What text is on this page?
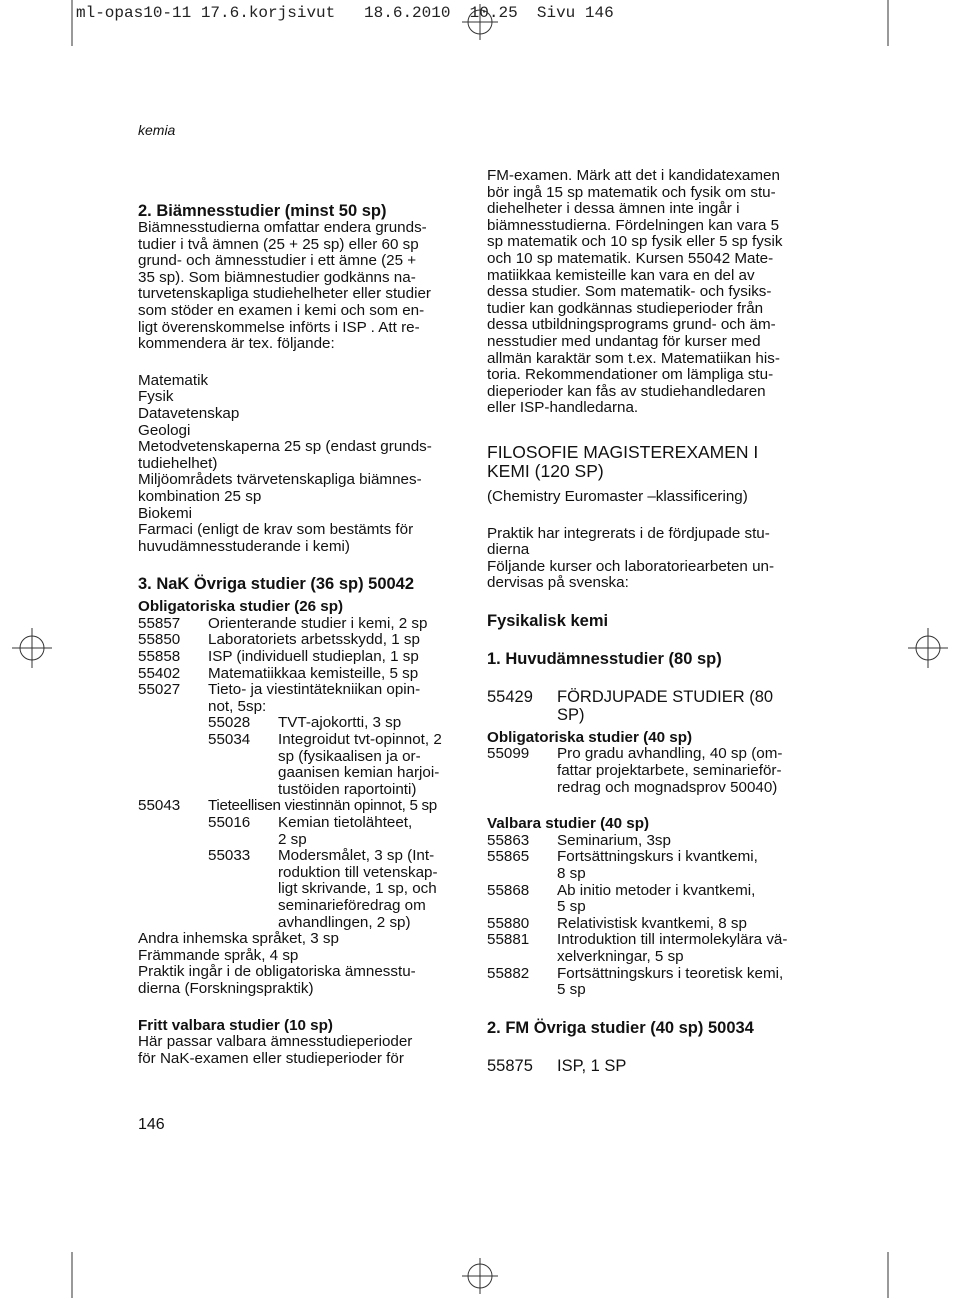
ml-opas10-11 17.6.korjsivut   18.6.2010  10.25  Sivu 146
kemia

2. Biämnesstudier (minst 50 sp)

Biämnesstudierna omfattar endera grunds-
tudier i två ämnen (25 + 25 sp) eller 60 sp
grund- och ämnesstudier i ett ämne (25 +
35 sp). Som biämnestudier godkänns na-
turvetenskapliga studiehelheter eller studier
som stöder en examen i kemi och som en-
ligt överenskommelse införts i ISP . Att re-
kommendera är tex. följande:
Matematik
Fysik
Datavetenskap
Geologi
Metodvetenskaperna 25 sp (endast grunds-
tudiehelhet)
Miljöområdets tvärvetenskapliga biämnes-
kombination 25 sp
Biokemi
Farmaci (enligt de krav som bestämts för
huvudämnesstuderande i kemi)

3. NaK Övriga studier (36 sp) 50042

Obligatoriska studier (26 sp)

55857	Orienterande studier i kemi, 2 sp
55850	Laboratoriets arbetsskydd, 1 sp
55858	ISP (individuell studieplan, 1 sp
55402	Matematiikkaa kemisteille, 5 sp
55027	Tieto- ja viestintätekniikan opin-
not, 5sp:
55028	TVT-ajokortti, 3 sp
55034	Integroidut tvt-opinnot, 2
sp (fysikaalisen ja or-
gaanisen kemian harjoi-
tustöiden raportointi)
55043	Tieteellisen viestinnän opinnot, 5 sp
55016	Kemian tietolähteet,
2 sp
55033	Modersmålet, 3 sp (Int-
roduktion till vetenskap-
ligt skrivande, 1 sp, och
seminarieföredrag om
avhandlingen, 2 sp)
Andra inhemska språket, 3 sp
Främmande språk, 4 sp
Praktik ingår i de obligatoriska ämnesstu-
dierna (Forskningspraktik)

Fritt valbara studier (10 sp)

Här passar valbara ämnesstudieperioder
för NaK-examen eller studieperioder för
FM-examen. Märk att det i kandidatexamen
bör ingå 15 sp matematik och fysik om stu-
diehelheter i dessa ämnen inte ingår i
biämnesstudierna. Fördelningen kan vara 5
sp matematik och 10 sp fysik eller 5 sp fysik
och 10 sp matematik. Kursen 55042 Mate-
matiikkaa kemisteille kan vara en del av
dessa studier. Som matematik- och fysiks-
tudier kan godkännas studieperioder från
dessa utbildningsprograms grund- och äm-
nesstudier med undantag för kurser med
allmän karaktär som t.ex. Matematiikan his-
toria. Rekommendationer om lämpliga stu-
dieperioder kan fås av studiehandledaren
eller ISP-handledarna.
FILOSOFIE MAGISTEREXAMEN I
KEMI (120 SP)
(Chemistry Euromaster –klassificering)
Praktik har integrerats i de fördjupade stu-
dierna
Följande kurser och laboratoriearbeten un-
dervisas på svenska:

Fysikalisk kemi

1. Huvudämnesstudier (80 sp)

55429	FÖRDJUPADE STUDIER (80
SP)

Obligatoriska studier (40 sp)

55099	Pro gradu avhandling, 40 sp (om-
fattar projektarbete, seminarieför-
redrag och mognadsprov 50040)

Valbara studier (40 sp)

55863	Seminarium, 3sp
55865	Fortsättningskurs i kvantkemi,
8 sp
55868	Ab initio metoder i kvantkemi,
5 sp
55880	Relativistisk kvantkemi, 8 sp
55881	Introduktion till intermolekylära vä-
xelverkningar, 5 sp
55882	Fortsättningskurs i teoretisk kemi,
5 sp

2. FM Övriga studier (40 sp) 50034

55875	ISP, 1 SP
146
